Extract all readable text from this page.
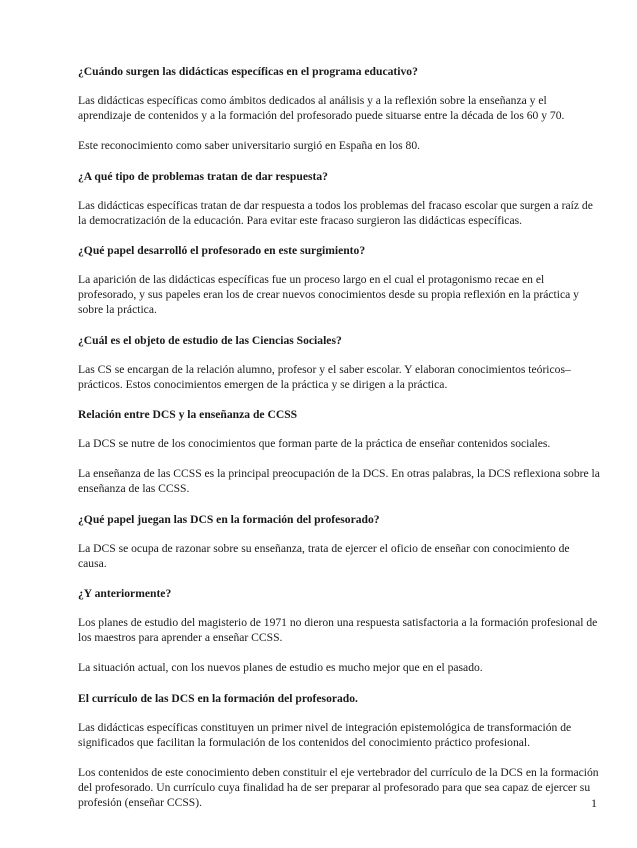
¿Cuándo surgen las didácticas específicas en el programa educativo?

Las didácticas específicas como ámbitos dedicados al análisis y a la reflexión sobre la enseñanza y el aprendizaje de contenidos y a la formación del profesorado puede situarse entre la década de los 60 y 70.

Este reconocimiento como saber universitario surgió en España en los 80.

¿A qué tipo de problemas tratan de dar respuesta?

Las didácticas específicas tratan de dar respuesta a todos los problemas del fracaso escolar que surgen a raíz de la democratización de la educación. Para evitar este fracaso surgieron las didácticas específicas.

¿Qué papel desarrolló el profesorado en este surgimiento?

La aparición de las didácticas específicas fue un proceso largo en el cual el protagonismo recae en el profesorado, y sus papeles eran los de crear nuevos conocimientos desde su propia reflexión en la práctica y sobre la práctica.

¿Cuál es el objeto de estudio de las Ciencias Sociales?

Las CS se encargan de la relación alumno, profesor y el saber escolar. Y elaboran conocimientos teóricos–prácticos. Estos conocimientos emergen de la práctica y se dirigen a la práctica.

Relación entre DCS y la enseñanza de CCSS

La DCS se nutre de los conocimientos que forman parte de la práctica de enseñar contenidos sociales.

La enseñanza de las CCSS es la principal preocupación de la DCS. En otras palabras, la DCS reflexiona sobre la enseñanza de las CCSS.

¿Qué papel juegan las DCS en la formación del profesorado?

La DCS se ocupa de razonar sobre su enseñanza, trata de ejercer el oficio de enseñar con conocimiento de causa.

¿Y anteriormente?

Los planes de estudio del magisterio de 1971 no dieron una respuesta satisfactoria a la formación profesional de los maestros para aprender a enseñar CCSS.

La situación actual, con los nuevos planes de estudio es mucho mejor que en el pasado.

El currículo de las DCS en la formación del profesorado.

Las didácticas específicas constituyen un primer nivel de integración epistemológica de transformación de significados que facilitan la formulación de los contenidos del conocimiento práctico profesional.

Los contenidos de este conocimiento deben constituir el eje vertebrador del currículo de la DCS en la formación del profesorado. Un currículo cuya finalidad ha de ser preparar al profesorado para que sea capaz de ejercer su profesión (enseñar CCSS).	1
